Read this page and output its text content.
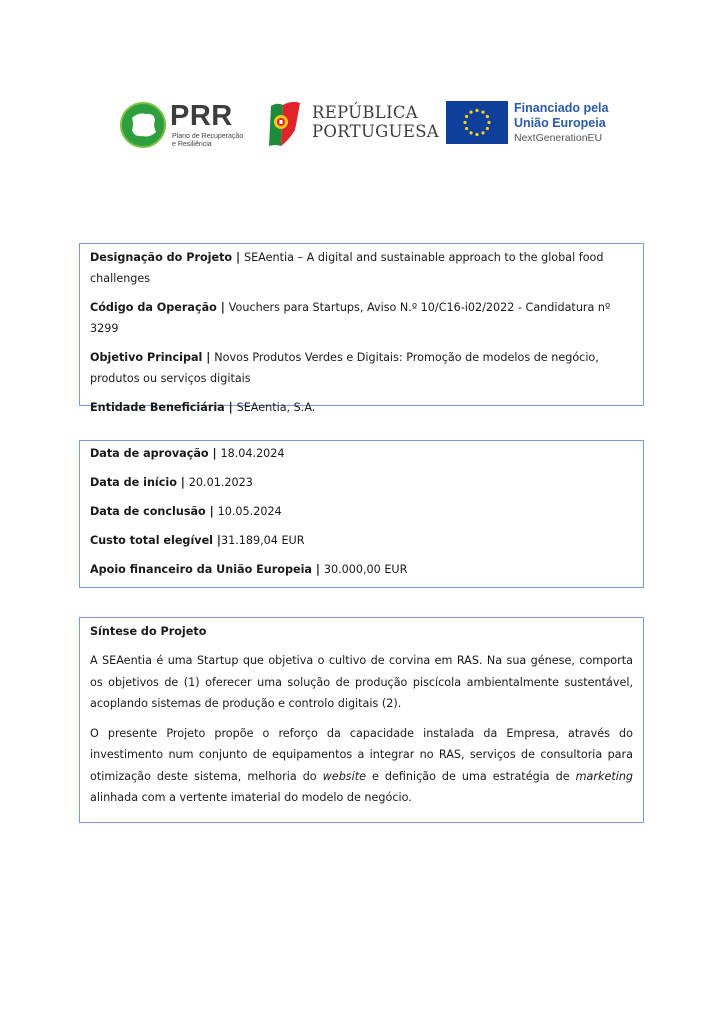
PRR
Plano de Recuperação
e Resiliência
REPÚBLICA
PORTUGUESA
Financiado pela
União Europeia
NextGenerationEU
Designação do Projeto | SEAentia – A digital and sustainable approach to the global food challenges
Código da Operação | Vouchers para Startups, Aviso N.º 10/C16-i02/2022 - Candidatura nº 3299
Objetivo Principal | Novos Produtos Verdes e Digitais: Promoção de modelos de negócio, produtos ou serviços digitais
Entidade Beneficiária | SEAentia, S.A.
Data de aprovação | 18.04.2024
Data de início | 20.01.2023
Data de conclusão | 10.05.2024
Custo total elegível |31.189,04 EUR
Apoio financeiro da União Europeia | 30.000,00 EUR
Síntese do Projeto
A SEAentia é uma Startup que objetiva o cultivo de corvina em RAS. Na sua génese, comporta os objetivos de (1) oferecer uma solução de produção piscícola ambientalmente sustentável, acoplando sistemas de produção e controlo digitais (2).
O presente Projeto propõe o reforço da capacidade instalada da Empresa, através do investimento num conjunto de equipamentos a integrar no RAS, serviços de consultoria para otimização deste sistema, melhoria do website e definição de uma estratégia de marketing alinhada com a vertente imaterial do modelo de negócio.
